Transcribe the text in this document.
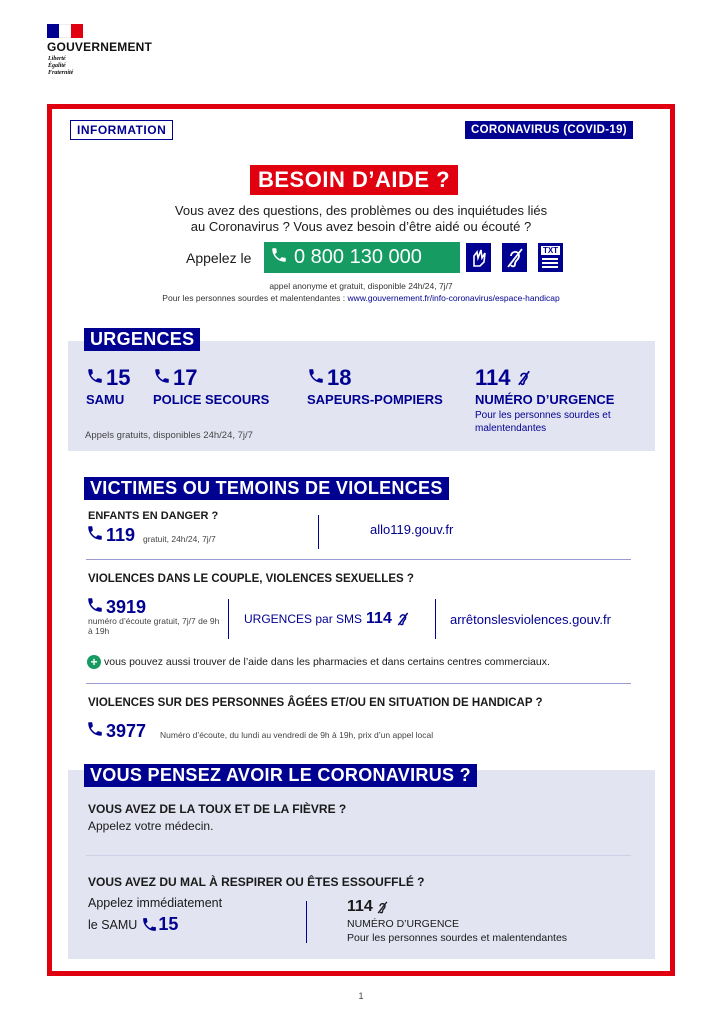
GOUVERNEMENT
Liberté
Égalité
Fraternité
INFORMATION	CORONAVIRUS (COVID-19)
BESOIN D’AIDE ?
Vous avez des questions, des problèmes ou des inquiétudes liés
au Coronavirus ? Vous avez besoin d’être aidé ou écouté ?
Appelez le 0 800 130 000	TXT
appel anonyme et gratuit, disponible 24h/24, 7j/7
Pour les personnes sourdes et malentendantes : www.gouvernement.fr/info-coronavirus/espace-handicap
URGENCES
15
SAMU
17
POLICE SECOURS
18
SAPEURS-POMPIERS
114
NUMÉRO D’URGENCE
Pour les personnes sourdes et malentendantes
Appels gratuits, disponibles 24h/24, 7j/7
VICTIMES OU TEMOINS DE VIOLENCES
ENFANTS EN DANGER ?
119 gratuit, 24h/24, 7j/7
allo119.gouv.fr
VIOLENCES DANS LE COUPLE, VIOLENCES SEXUELLES ?
3919
numéro d’écoute gratuit, 7j/7 de 9h à 19h
URGENCES par SMS 114	arrêtonslesviolences.gouv.fr
+ vous pouvez aussi trouver de l’aide dans les pharmacies et dans certains centres commerciaux.
VIOLENCES SUR DES PERSONNES ÂGÉES ET/OU EN SITUATION DE HANDICAP ?
3977 Numéro d’écoute, du lundi au vendredi de 9h à 19h, prix d’un appel local
VOUS PENSEZ AVOIR LE CORONAVIRUS ?
VOUS AVEZ DE LA TOUX ET DE LA FIÈVRE ?
Appelez votre médecin.
VOUS AVEZ DU MAL À RESPIRER OU ÊTES ESSOUFFLÉ ?
Appelez immédiatement
le SAMU 15
114
NUMÉRO D’URGENCE
Pour les personnes sourdes et malentendantes
1
